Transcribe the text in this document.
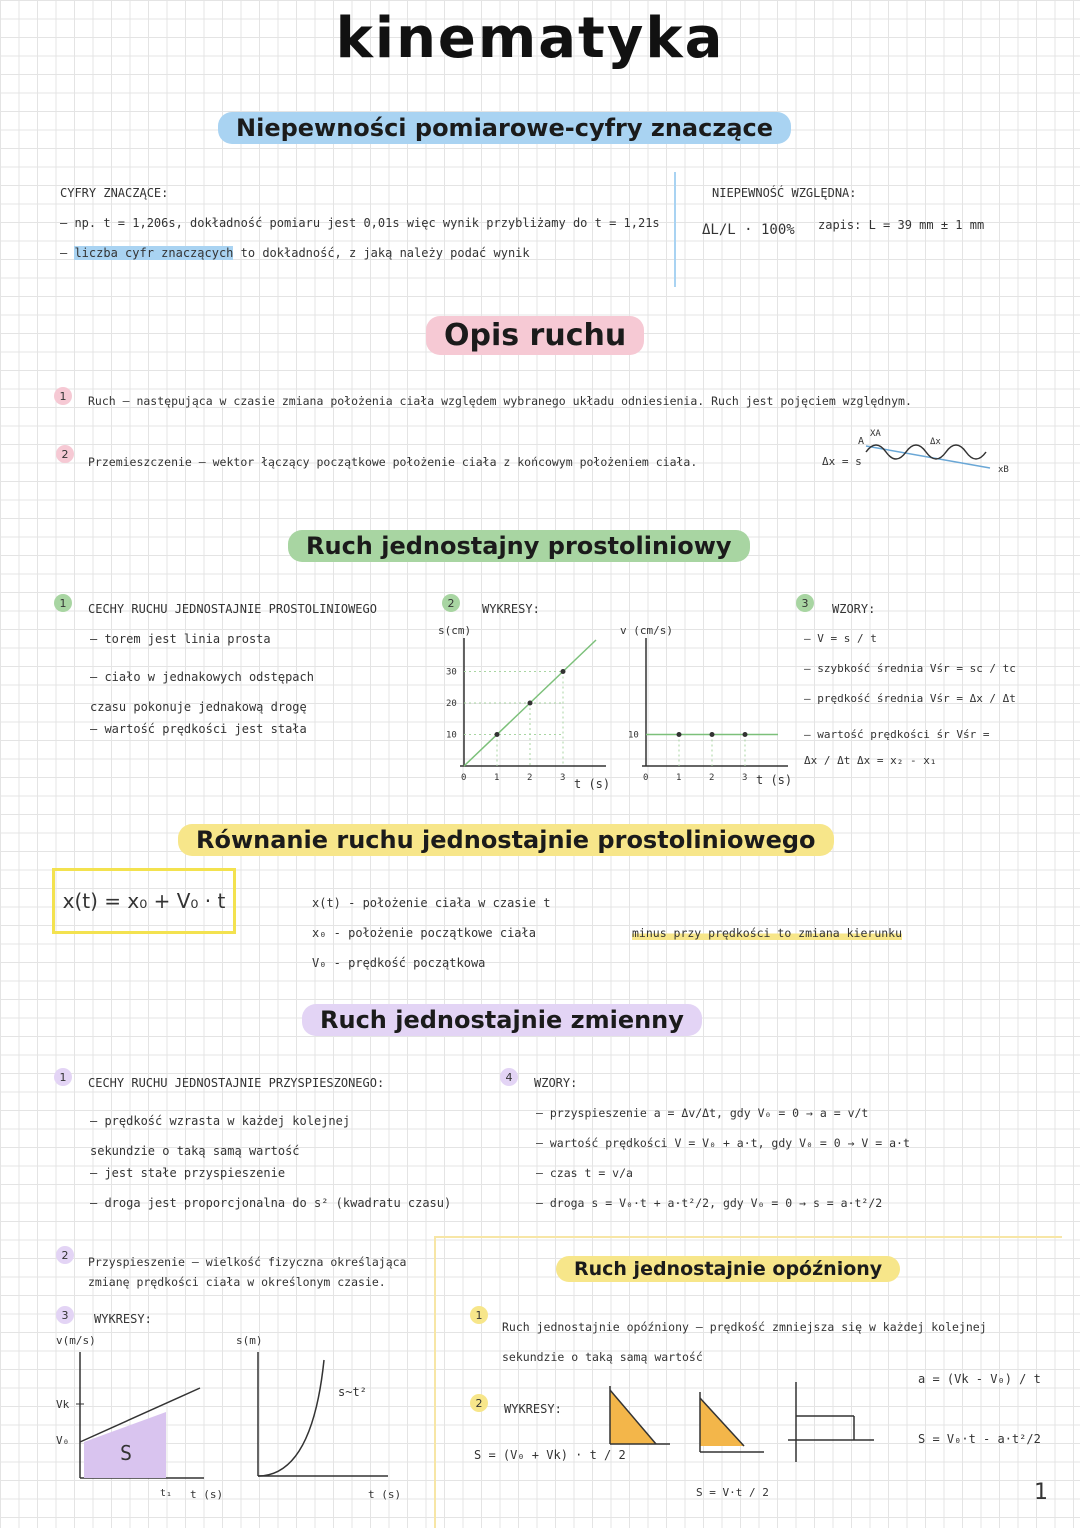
kinematyka
Niepewności pomiarowe-cyfry znaczące
CYFRY ZNACZĄCE:
– np. t = 1,206s, dokładność pomiaru jest 0,01s więc wynik przybliżamy do t = 1,21s
– liczba cyfr znaczących to dokładność, z jaką należy podać wynik
NIEPEWNOŚĆ WZGLĘDNA:
ΔL/L · 100% zapis: L = 39 mm ± 1 mm
Opis ruchu
1	Ruch — następująca w czasie zmiana położenia ciała względem wybranego układu odniesienia. Ruch jest pojęciem względnym.
2
Przemieszczenie — wektor łączący początkowe położenie ciała z końcowym położeniem ciała.	Δx = s
A
XA
Δx
xB
Ruch jednostajny prostoliniowy
1	CECHY RUCHU JEDNOSTAJNIE PROSTOLINIOWEGO
– torem jest linia prosta
– ciało w jednakowych odstępach czasu pokonuje jednakową drogę
– wartość prędkości jest stała
2	WYKRESY:
s(cm)
t (s)
0	1	2	3
10
20
30
v (cm/s)
t (s)
0	1	2	3
10
3	WZORY:
– V = s / t
– szybkość średnia Vśr = sc / tc
– prędkość średnia Vśr = Δx / Δt
– wartość prędkości śr Vśr = Δx / Δt Δx = x₂ - x₁
Równanie ruchu jednostajnie prostoliniowego
x(t) = x₀ + V₀ · t	x(t) - położenie ciała w czasie t
x₀ - położenie początkowe ciała
V₀ - prędkość początkowa
minus przy prędkości to zmiana kierunku
Ruch jednostajnie zmienny
1	CECHY RUCHU JEDNOSTAJNIE PRZYSPIESZONEGO:
– prędkość wzrasta w każdej kolejnej sekundzie o taką samą wartość
– jest stałe przyspieszenie
– droga jest proporcjonalna do s² (kwadratu czasu)
4	WZORY:
– przyspieszenie a = Δv/Δt, gdy V₀ = 0 → a = v/t
– wartość prędkości V = V₀ + a·t, gdy V₀ = 0 → V = a·t
– czas t = v/a
– droga s = V₀·t + a·t²/2, gdy V₀ = 0 → s = a·t²/2
2	Przyspieszenie — wielkość fizyczna określająca zmianę prędkości ciała w określonym czasie.
3	WYKRESY:
v(m/s)
Vk
V₀
S
t₁ t (s)
s(m)
s~t²
t (s)
Ruch jednostajnie opóźniony
1
Ruch jednostajnie opóźniony — prędkość zmniejsza się w każdej kolejnej sekundzie o taką samą wartość
a = (Vk - V₀) / t
2	WYKRESY:
S = (V₀ + Vk) · t / 2
S = V·t / 2
S = V₀·t - a·t²/2
1
